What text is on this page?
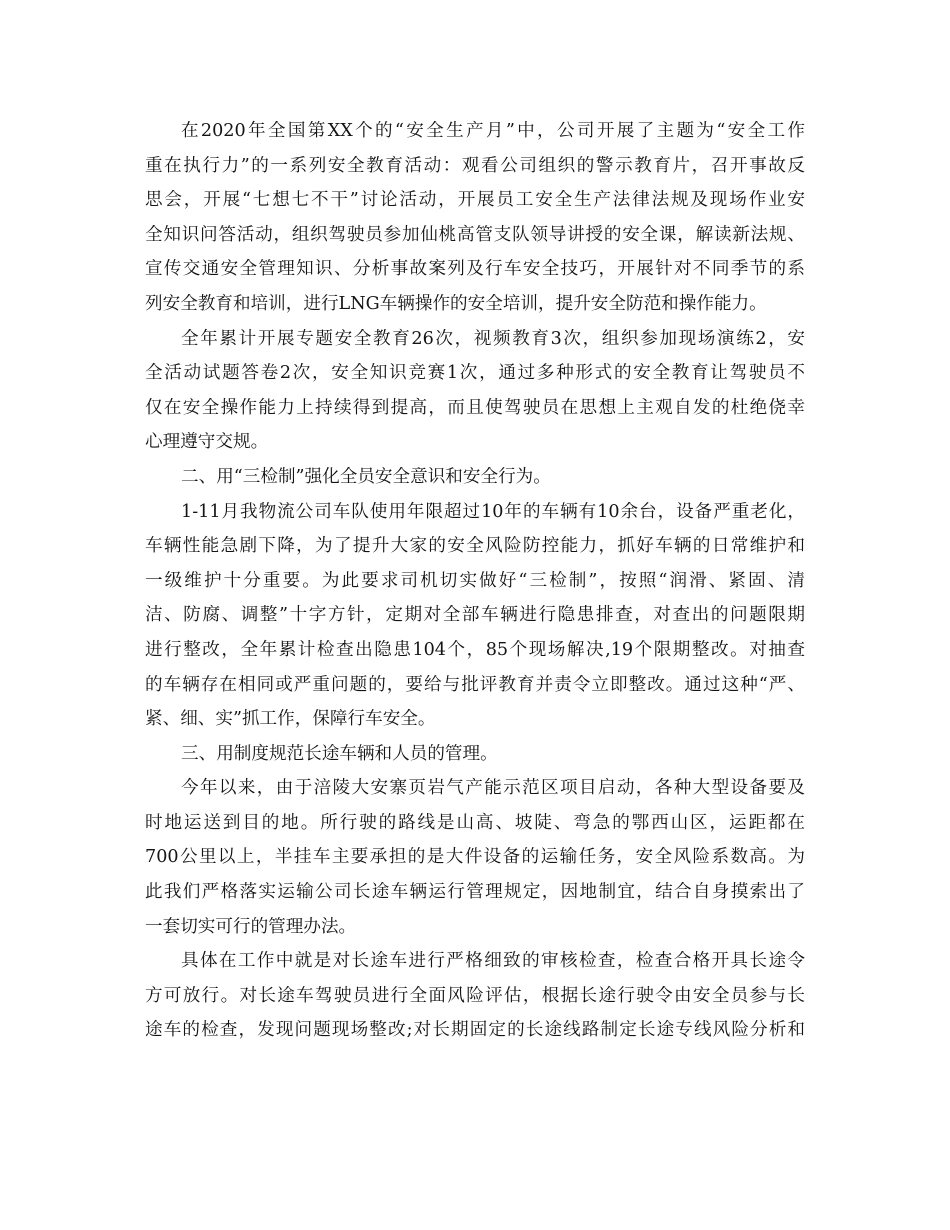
在2020年全国第XX个的“安全生产月”中，公司开展了主题为“安全工作
重在执行力”的一系列安全教育活动：观看公司组织的警示教育片，召开事故反
思会，开展“七想七不干”讨论活动，开展员工安全生产法律法规及现场作业安
全知识问答活动，组织驾驶员参加仙桃高管支队领导讲授的安全课，解读新法规、
宣传交通安全管理知识、分析事故案列及行车安全技巧，开展针对不同季节的系
列安全教育和培训，进行LNG车辆操作的安全培训，提升安全防范和操作能力。
全年累计开展专题安全教育26次，视频教育3次，组织参加现场演练2，安
全活动试题答卷2次，安全知识竞赛1次，通过多种形式的安全教育让驾驶员不
仅在安全操作能力上持续得到提高，而且使驾驶员在思想上主观自发的杜绝侥幸
心理遵守交规。
二、用“三检制”强化全员安全意识和安全行为。
1-11月我物流公司车队使用年限超过10年的车辆有10余台，设备严重老化，
车辆性能急剧下降，为了提升大家的安全风险防控能力，抓好车辆的日常维护和
一级维护十分重要。为此要求司机切实做好“三检制”，按照“润滑、紧固、清
洁、防腐、调整”十字方针，定期对全部车辆进行隐患排查，对查出的问题限期
进行整改，全年累计检查出隐患104个，85个现场解决,19个限期整改。对抽查
的车辆存在相同或严重问题的，要给与批评教育并责令立即整改。通过这种“严、
紧、细、实”抓工作，保障行车安全。
三、用制度规范长途车辆和人员的管理。
今年以来，由于涪陵大安寨页岩气产能示范区项目启动，各种大型设备要及
时地运送到目的地。所行驶的路线是山高、坡陡、弯急的鄂西山区，运距都在
700公里以上，半挂车主要承担的是大件设备的运输任务，安全风险系数高。为
此我们严格落实运输公司长途车辆运行管理规定，因地制宜，结合自身摸索出了
一套切实可行的管理办法。
具体在工作中就是对长途车进行严格细致的审核检查，检查合格开具长途令
方可放行。对长途车驾驶员进行全面风险评估，根据长途行驶令由安全员参与长
途车的检查，发现问题现场整改;对长期固定的长途线路制定长途专线风险分析和
